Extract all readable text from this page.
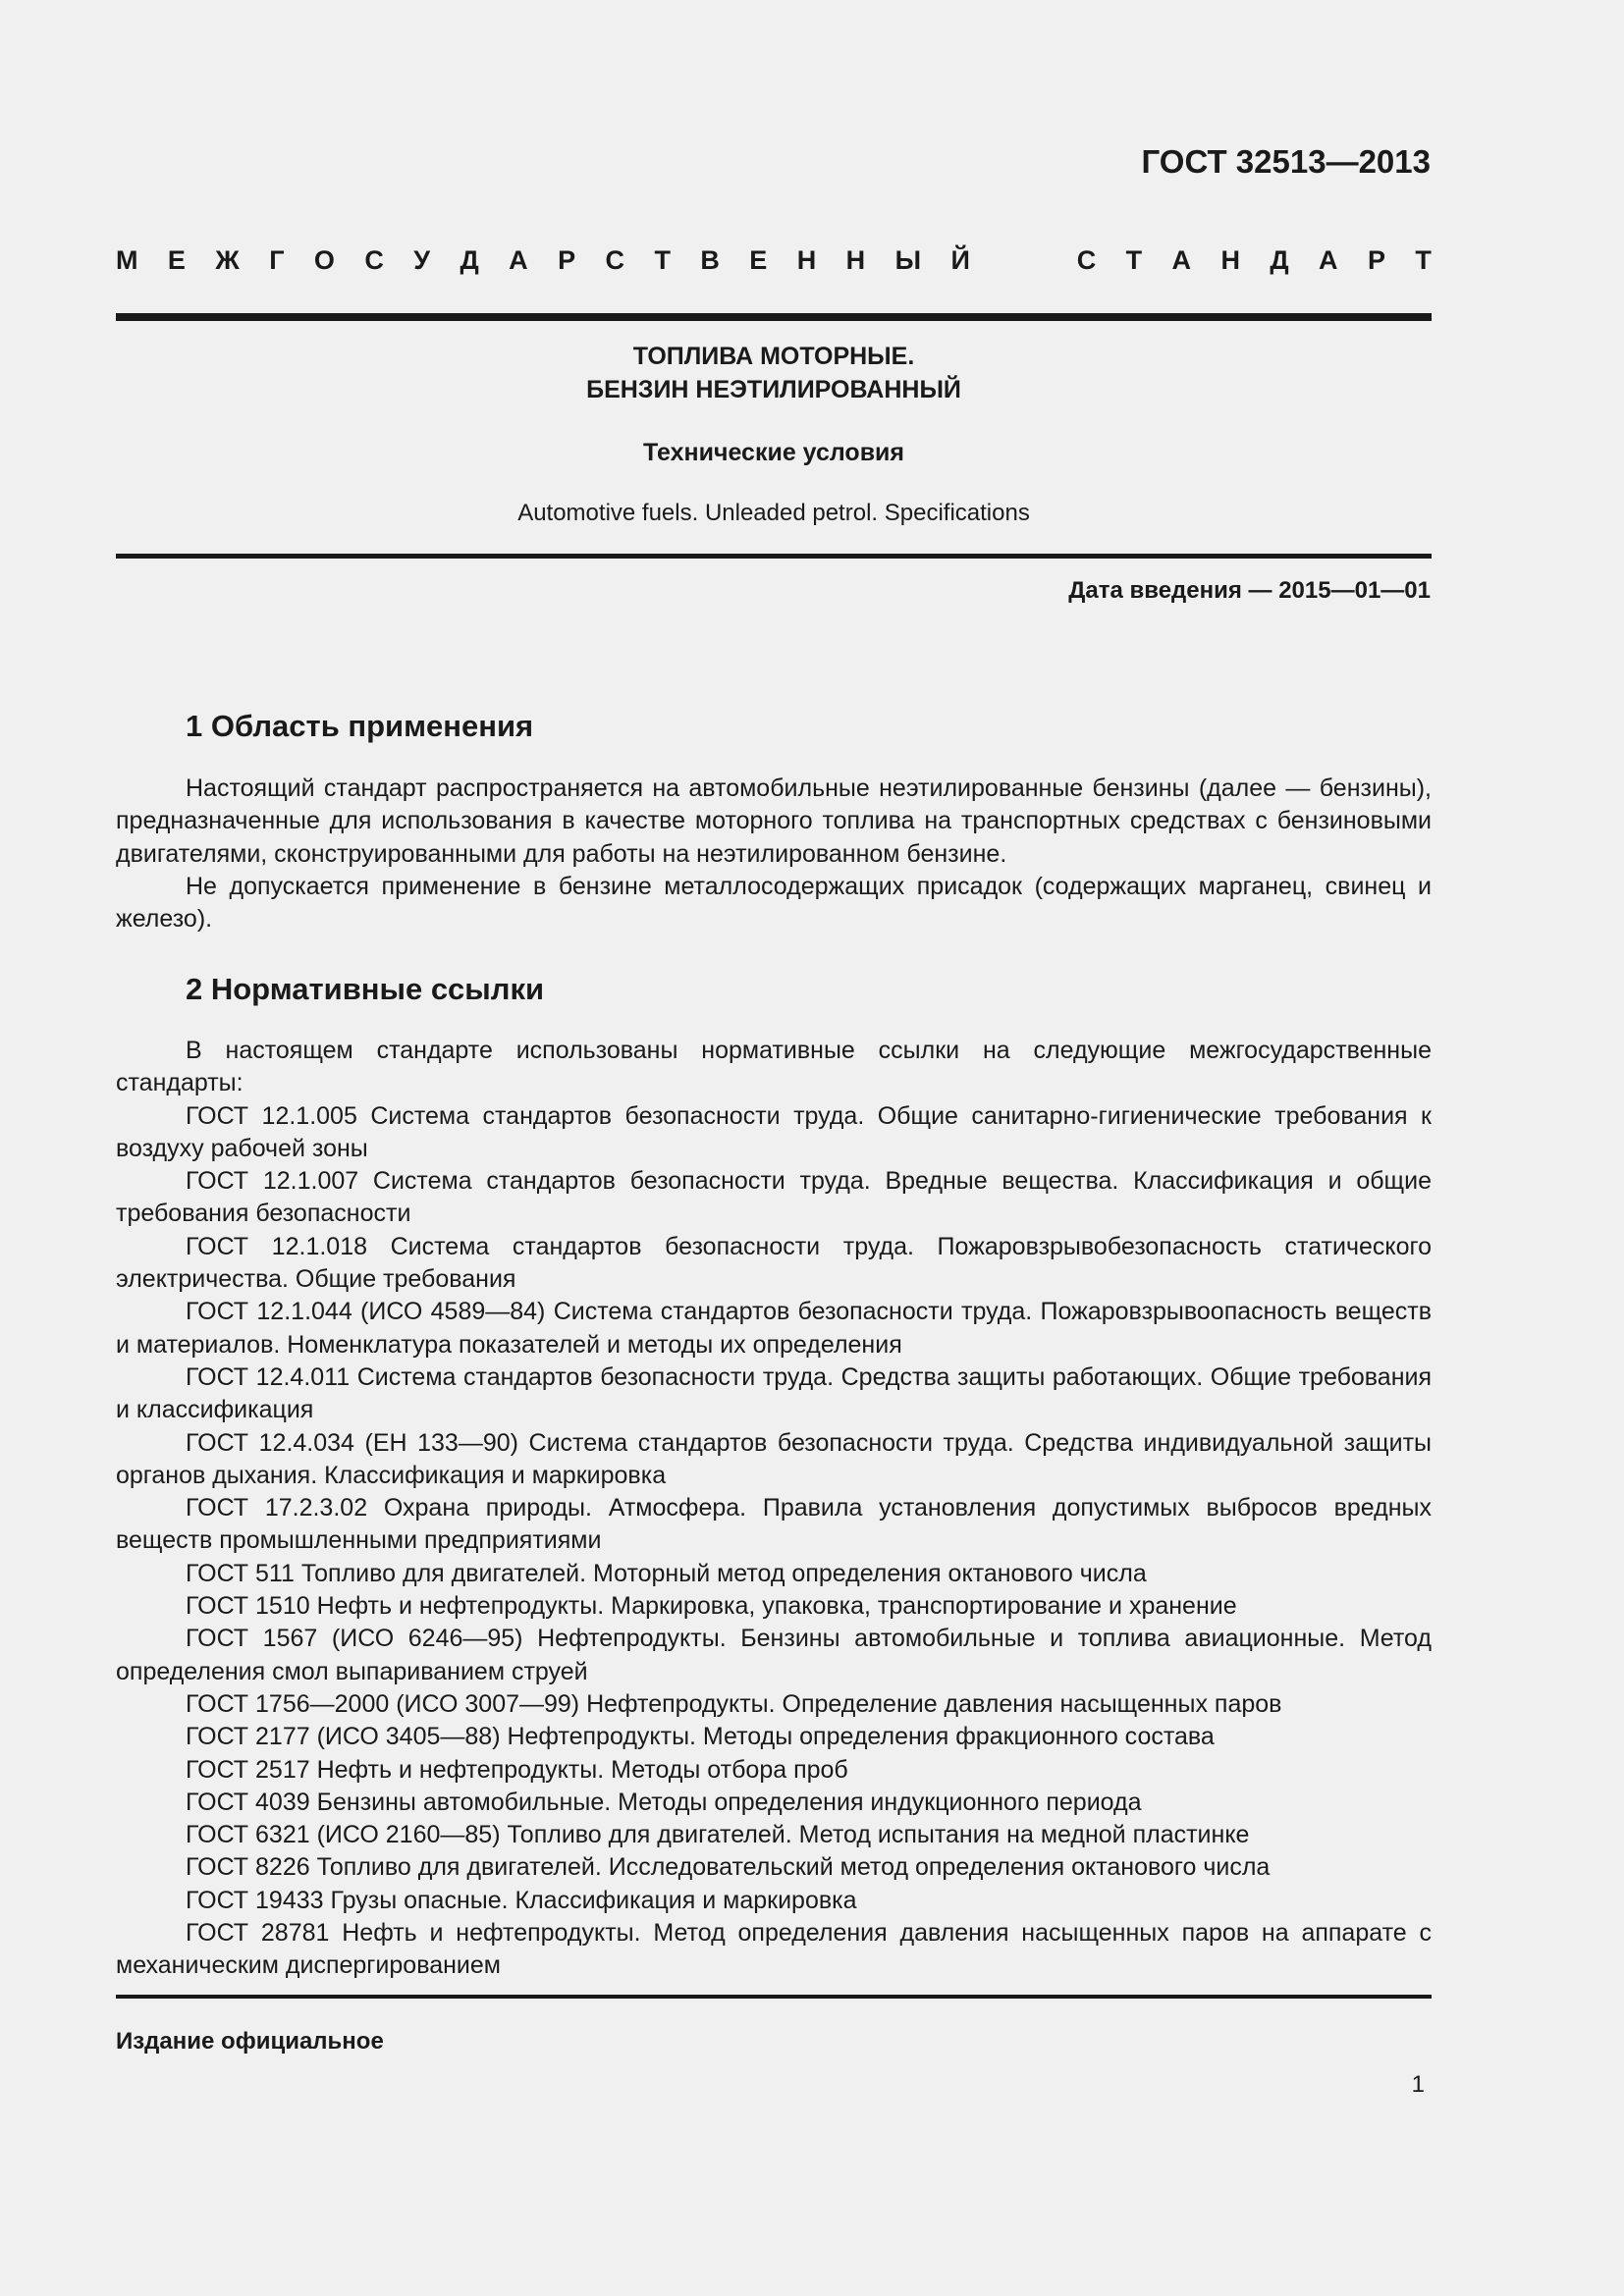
ГОСТ 32513—2013

М Е Ж Г О С У Д А Р С Т В Е Н Н Ы Й	С Т А Н Д А Р Т
ТОПЛИВА МОТОРНЫЕ.
БЕНЗИН НЕЭТИЛИРОВАННЫЙ

Технические условия

Automotive fuels. Unleaded petrol. Specifications

Дата введения — 2015—01—01

1 Область применения

Настоящий стандарт распространяется на автомобильные неэтилированные бензины (далее — бензины), предназначенные для использования в качестве моторного топлива на транспортных средствах с бензиновыми двигателями, сконструированными для работы на неэтилированном бензине.

Не допускается применение в бензине металлосодержащих присадок (содержащих марганец, свинец и железо).

2 Нормативные ссылки

В настоящем стандарте использованы нормативные ссылки на следующие межгосударственные стандарты:

ГОСТ 12.1.005 Система стандартов безопасности труда. Общие санитарно-гигиенические требования к воздуху рабочей зоны

ГОСТ 12.1.007 Система стандартов безопасности труда. Вредные вещества. Классификация и общие требования безопасности

ГОСТ 12.1.018 Система стандартов безопасности труда. Пожаровзрывобезопасность статического электричества. Общие требования

ГОСТ 12.1.044 (ИСО 4589—84) Система стандартов безопасности труда. Пожаровзрывоопасность веществ и материалов. Номенклатура показателей и методы их определения

ГОСТ 12.4.011 Система стандартов безопасности труда. Средства защиты работающих. Общие требования и классификация

ГОСТ 12.4.034 (ЕН 133—90) Система стандартов безопасности труда. Средства индивидуальной защиты органов дыхания. Классификация и маркировка

ГОСТ 17.2.3.02 Охрана природы. Атмосфера. Правила установления допустимых выбросов вредных веществ промышленными предприятиями

ГОСТ 511 Топливо для двигателей. Моторный метод определения октанового числа

ГОСТ 1510 Нефть и нефтепродукты. Маркировка, упаковка, транспортирование и хранение

ГОСТ 1567 (ИСО 6246—95) Нефтепродукты. Бензины автомобильные и топлива авиационные. Метод определения смол выпариванием струей

ГОСТ 1756—2000 (ИСО 3007—99) Нефтепродукты. Определение давления насыщенных паров

ГОСТ 2177 (ИСО 3405—88) Нефтепродукты. Методы определения фракционного состава

ГОСТ 2517 Нефть и нефтепродукты. Методы отбора проб

ГОСТ 4039 Бензины автомобильные. Методы определения индукционного периода

ГОСТ 6321 (ИСО 2160—85) Топливо для двигателей. Метод испытания на медной пластинке

ГОСТ 8226 Топливо для двигателей. Исследовательский метод определения октанового числа

ГОСТ 19433 Грузы опасные. Классификация и маркировка

ГОСТ 28781 Нефть и нефтепродукты. Метод определения давления насыщенных паров на аппарате с механическим диспергированием

Издание официальное

1
